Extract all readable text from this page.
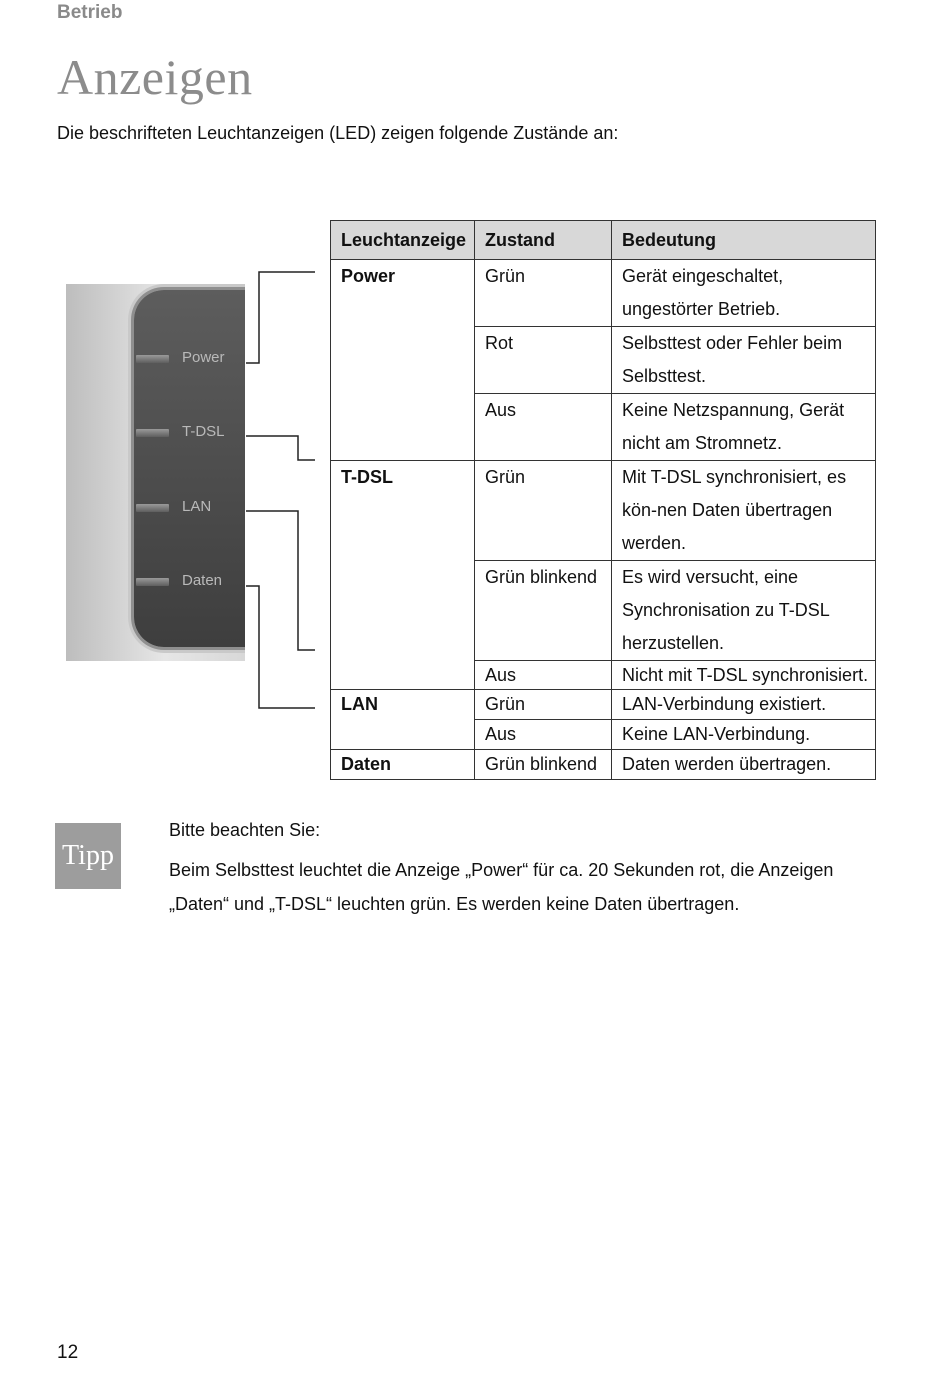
Betrieb
Anzeigen
Die beschrifteten Leuchtanzeigen (LED) zeigen folgende Zustände an:
Power
T-DSL
LAN
Daten
Leuchtanzeige	Zustand	Bedeutung
Power	Grün	Gerät eingeschaltet, ungestörter Betrieb.
	Rot	Selbsttest oder Fehler beim Selbsttest.
	Aus	Keine Netzspannung, Gerät nicht am Stromnetz.
T-DSL	Grün	Mit T-DSL synchronisiert, es kön-nen Daten übertragen werden.
	Grün blinkend	Es wird versucht, eine Synchronisation zu T-DSL herzustellen.
	Aus	Nicht mit T-DSL synchronisiert.
LAN	Grün	LAN-Verbindung existiert.
	Aus	Keine LAN-Verbindung.
Daten	Grün blinkend	Daten werden übertragen.
Tipp
Bitte beachten Sie:
Beim Selbsttest leuchtet die Anzeige „Power“ für ca. 20 Sekunden rot, die Anzeigen „Daten“ und „T-DSL“ leuchten grün. Es werden keine Daten übertragen.
12
